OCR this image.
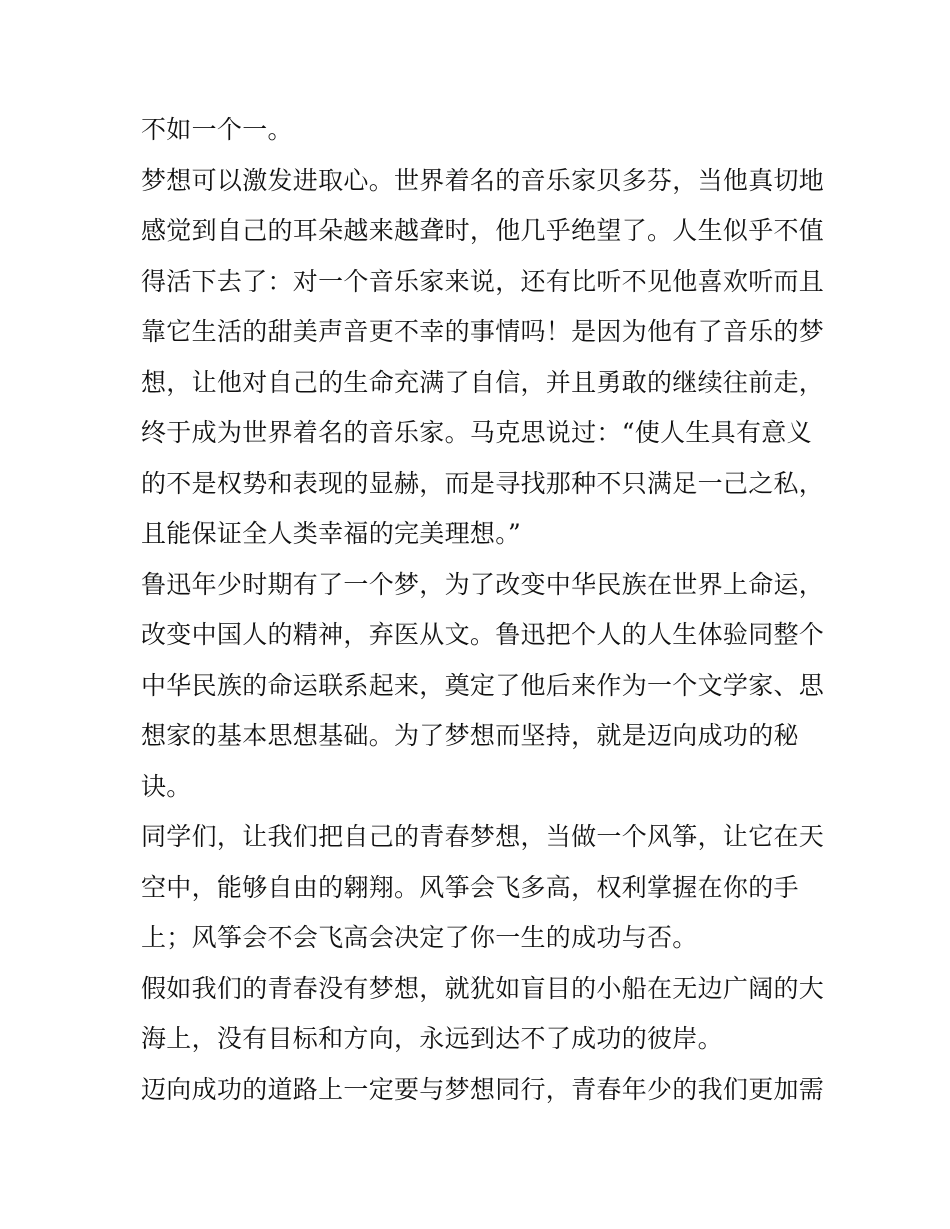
不如一个一。
梦想可以激发进取心。世界着名的音乐家贝多芬，当他真切地
感觉到自己的耳朵越来越聋时，他几乎绝望了。人生似乎不值
得活下去了：对一个音乐家来说，还有比听不见他喜欢听而且
靠它生活的甜美声音更不幸的事情吗！是因为他有了音乐的梦
想，让他对自己的生命充满了自信，并且勇敢的继续往前走，
终于成为世界着名的音乐家。马克思说过：“使人生具有意义
的不是权势和表现的显赫，而是寻找那种不只满足一己之私，
且能保证全人类幸福的完美理想。”
鲁迅年少时期有了一个梦，为了改变中华民族在世界上命运，
改变中国人的精神，弃医从文。鲁迅把个人的人生体验同整个
中华民族的命运联系起来，奠定了他后来作为一个文学家、思
想家的基本思想基础。为了梦想而坚持，就是迈向成功的秘
诀。
同学们，让我们把自己的青春梦想，当做一个风筝，让它在天
空中，能够自由的翱翔。风筝会飞多高，权利掌握在你的手
上；风筝会不会飞高会决定了你一生的成功与否。
假如我们的青春没有梦想，就犹如盲目的小船在无边广阔的大
海上，没有目标和方向，永远到达不了成功的彼岸。
迈向成功的道路上一定要与梦想同行，青春年少的我们更加需
